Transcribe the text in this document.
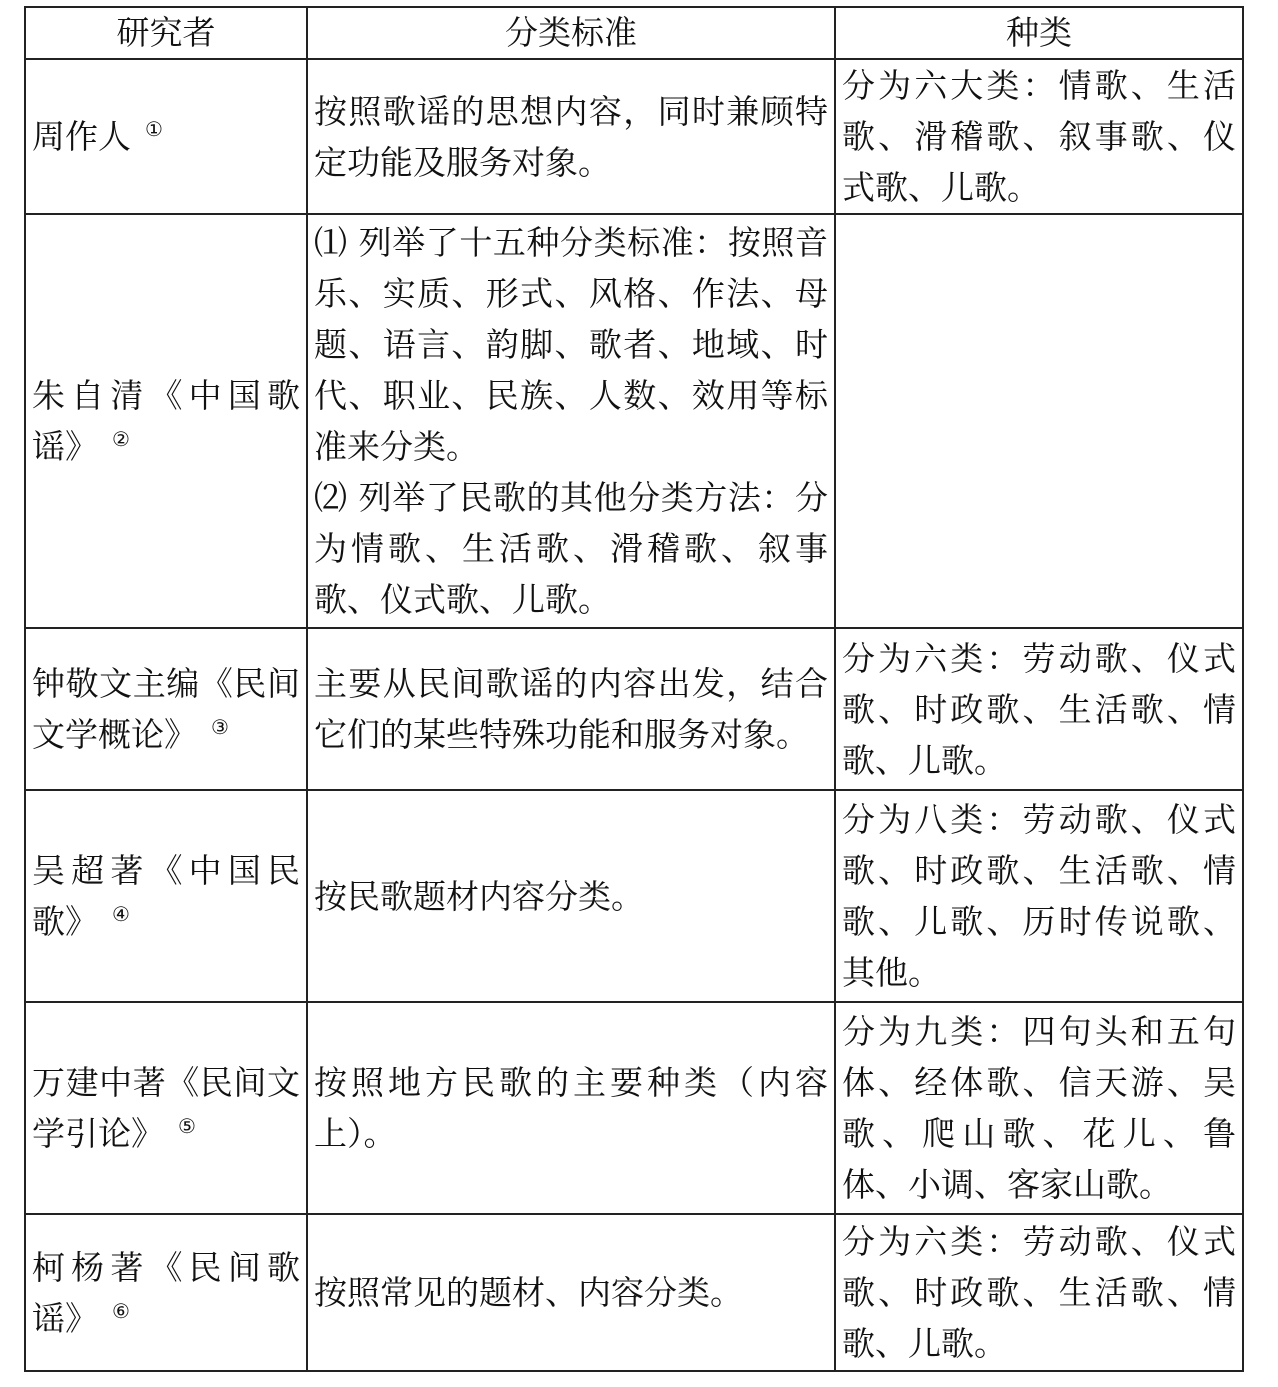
研究者	分类标准	种类
周作人 ①	按照歌谣的思想内容，同时兼顾特定功能及服务对象。	分为六大类：情歌、生活歌、滑稽歌、叙事歌、仪式歌、儿歌。
朱自清《中国歌谣》 ②	⑴ 列举了十五种分类标准：按照音乐、实质、形式、风格、作法、母题、语言、韵脚、歌者、地域、时代、职业、民族、人数、效用等标准来分类。
⑵ 列举了民歌的其他分类方法：分为情歌、生活歌、滑稽歌、叙事歌、仪式歌、儿歌。	

钟敬文主编《民间文学概论》 ③	主要从民间歌谣的内容出发，结合它们的某些特殊功能和服务对象。	分为六类：劳动歌、仪式歌、时政歌、生活歌、情歌、儿歌。
吴超著《中国民歌》 ④	按民歌题材内容分类。	分为八类：劳动歌、仪式歌、时政歌、生活歌、情歌、儿歌、历时传说歌、其他。
万建中著《民间文学引论》 ⑤	按照地方民歌的主要种类（内容上）。	分为九类：四句头和五句体、经体歌、信天游、吴歌、爬山歌、花儿、鲁体、小调、客家山歌。
柯杨著《民间歌谣》 ⑥	按照常见的题材、内容分类。	分为六类：劳动歌、仪式歌、时政歌、生活歌、情歌、儿歌。
